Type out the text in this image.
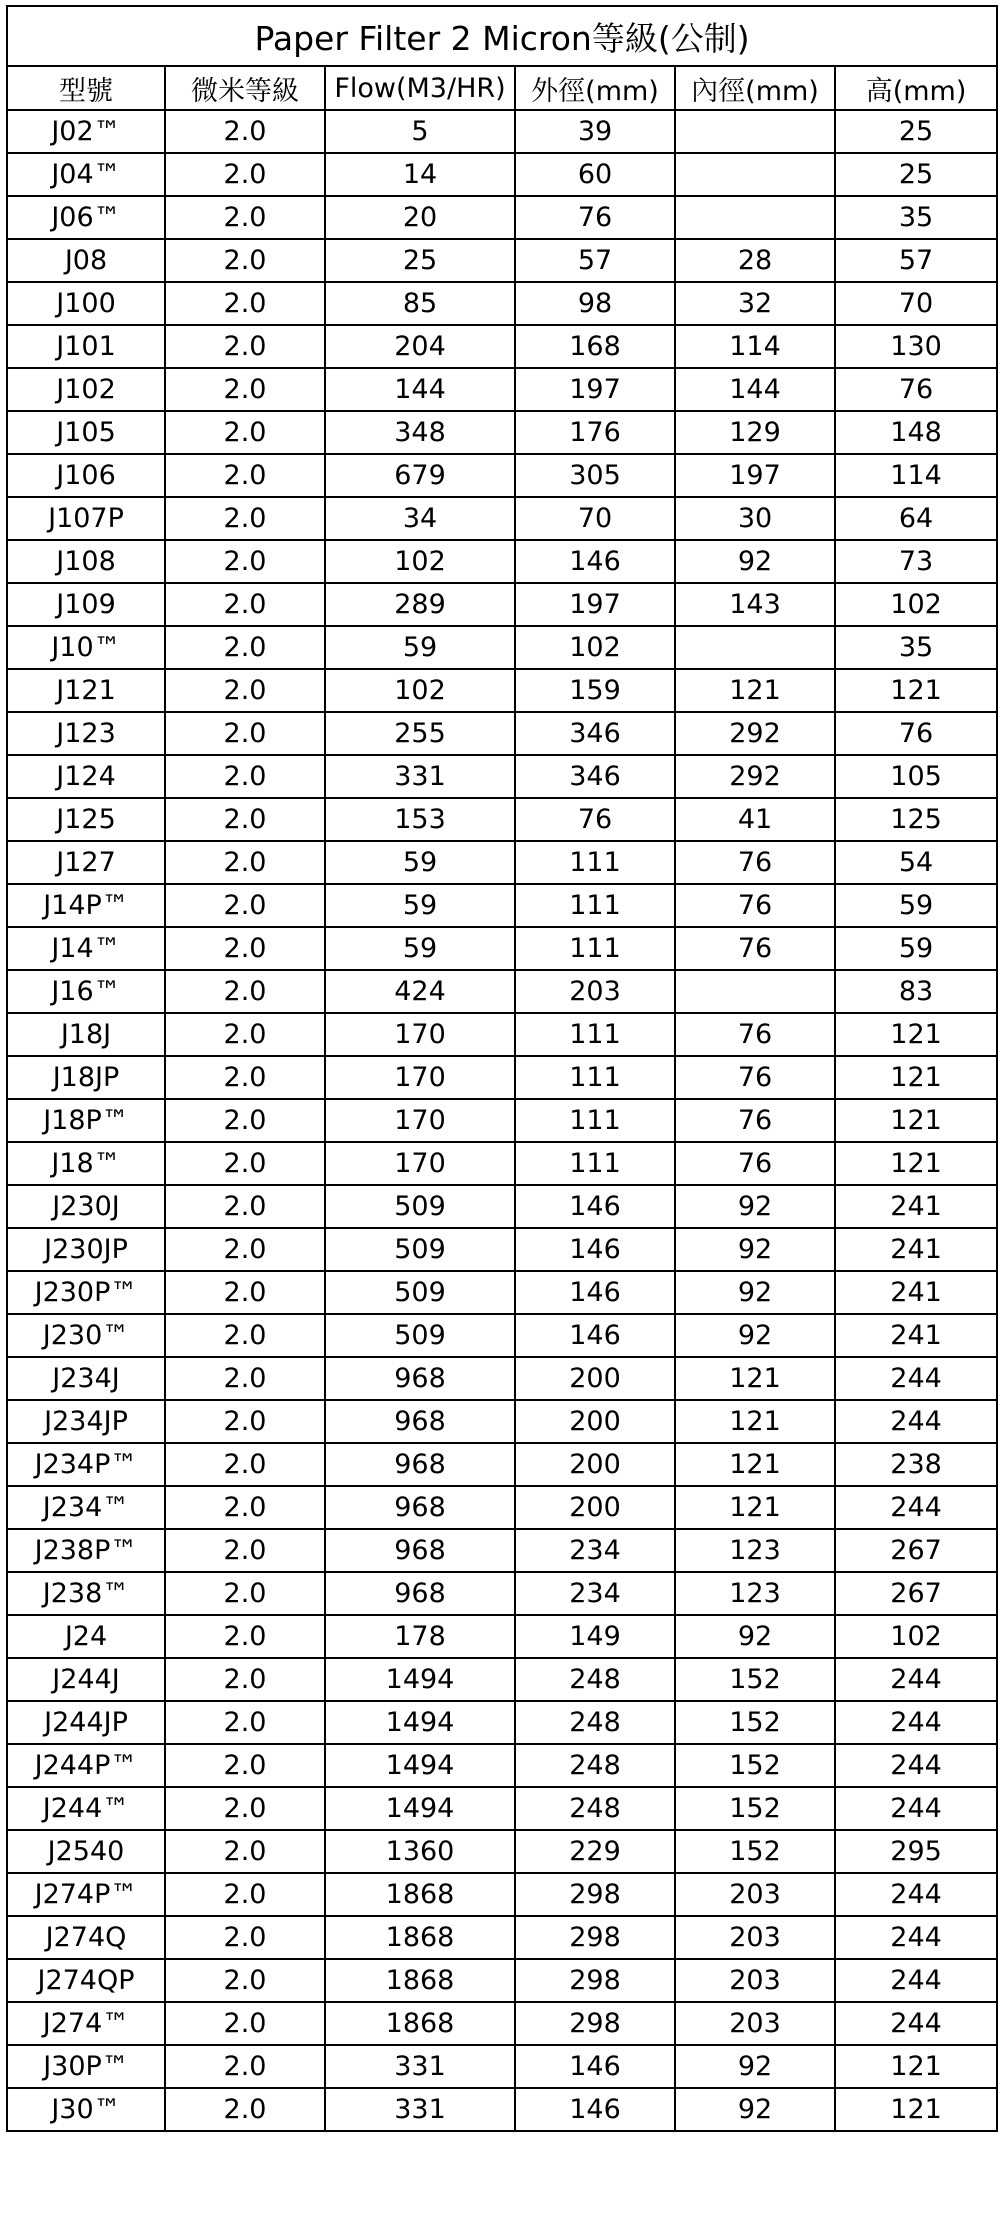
Paper Filter 2 Micron等級(公制)					
型號	微米等級	Flow(M3/HR)	外徑(mm)	內徑(mm)	高(mm)
J02™	2.0	5	39		25
J04™	2.0	14	60		25
J06™	2.0	20	76		35
J08	2.0	25	57	28	57
J100	2.0	85	98	32	70
J101	2.0	204	168	114	130
J102	2.0	144	197	144	76
J105	2.0	348	176	129	148
J106	2.0	679	305	197	114
J107P	2.0	34	70	30	64
J108	2.0	102	146	92	73
J109	2.0	289	197	143	102
J10™	2.0	59	102		35
J121	2.0	102	159	121	121
J123	2.0	255	346	292	76
J124	2.0	331	346	292	105
J125	2.0	153	76	41	125
J127	2.0	59	111	76	54
J14P™	2.0	59	111	76	59
J14™	2.0	59	111	76	59
J16™	2.0	424	203		83
J18J	2.0	170	111	76	121
J18JP	2.0	170	111	76	121
J18P™	2.0	170	111	76	121
J18™	2.0	170	111	76	121
J230J	2.0	509	146	92	241
J230JP	2.0	509	146	92	241
J230P™	2.0	509	146	92	241
J230™	2.0	509	146	92	241
J234J	2.0	968	200	121	244
J234JP	2.0	968	200	121	244
J234P™	2.0	968	200	121	238
J234™	2.0	968	200	121	244
J238P™	2.0	968	234	123	267
J238™	2.0	968	234	123	267
J24	2.0	178	149	92	102
J244J	2.0	1494	248	152	244
J244JP	2.0	1494	248	152	244
J244P™	2.0	1494	248	152	244
J244™	2.0	1494	248	152	244
J2540	2.0	1360	229	152	295
J274P™	2.0	1868	298	203	244
J274Q	2.0	1868	298	203	244
J274QP	2.0	1868	298	203	244
J274™	2.0	1868	298	203	244
J30P™	2.0	331	146	92	121
J30™	2.0	331	146	92	121
